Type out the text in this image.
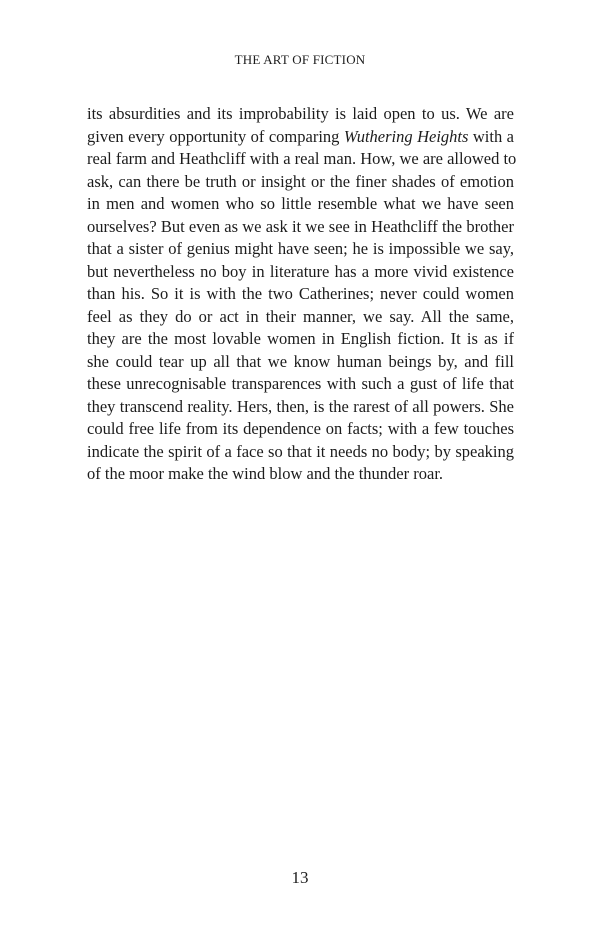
THE ART OF FICTION
its absurdities and its improbability is laid open to us. We are
given every opportunity of comparing Wuthering Heights with a
real farm and Heathcliff with a real man. How, we are allowed to
ask, can there be truth or insight or the finer shades of emotion
in men and women who so little resemble what we have seen
ourselves? But even as we ask it we see in Heathcliff the brother
that a sister of genius might have seen; he is impossible we say,
but nevertheless no boy in literature has a more vivid existence
than his. So it is with the two Catherines; never could women
feel as they do or act in their manner, we say. All the same,
they are the most lovable women in English fiction. It is as if
she could tear up all that we know human beings by, and fill
these unrecognisable transparences with such a gust of life that
they transcend reality. Hers, then, is the rarest of all powers. She
could free life from its dependence on facts; with a few touches
indicate the spirit of a face so that it needs no body; by speaking
of the moor make the wind blow and the thunder roar.
13
